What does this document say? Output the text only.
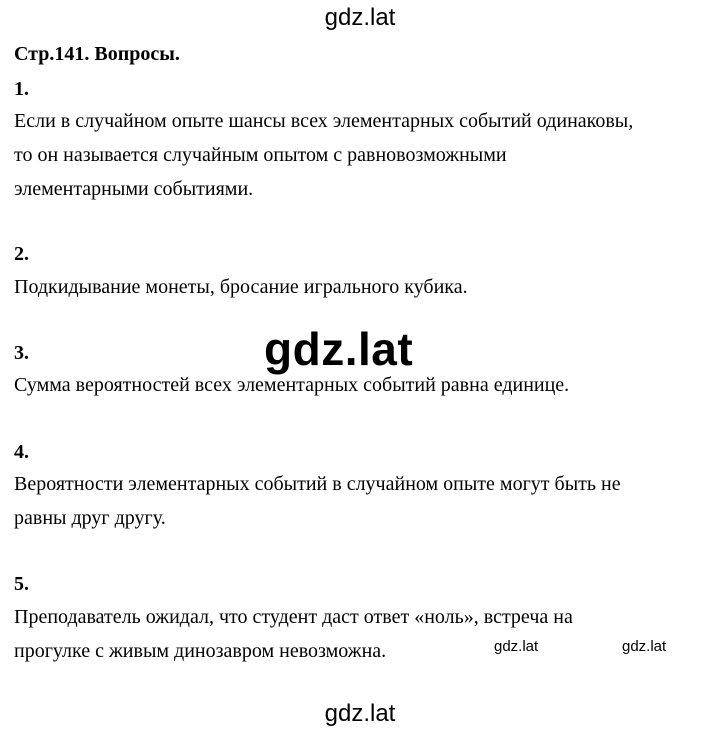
gdz.lat
Стр.141. Вопросы.
1.
Если в случайном опыте шансы всех элементарных событий одинаковы,
то он называется случайным опытом с равновозможными
элементарными событиями.
2.
Подкидывание монеты, бросание игрального кубика.
3.
Сумма вероятностей всех элементарных событий равна единице.
4.
Вероятности элементарных событий в случайном опыте могут быть не
равны друг другу.
5.
Преподаватель ожидал, что студент даст ответ «ноль», встреча на
прогулке с живым динозавром невозможна.
gdz.lat
gdz.lat	gdz.lat
gdz.lat
